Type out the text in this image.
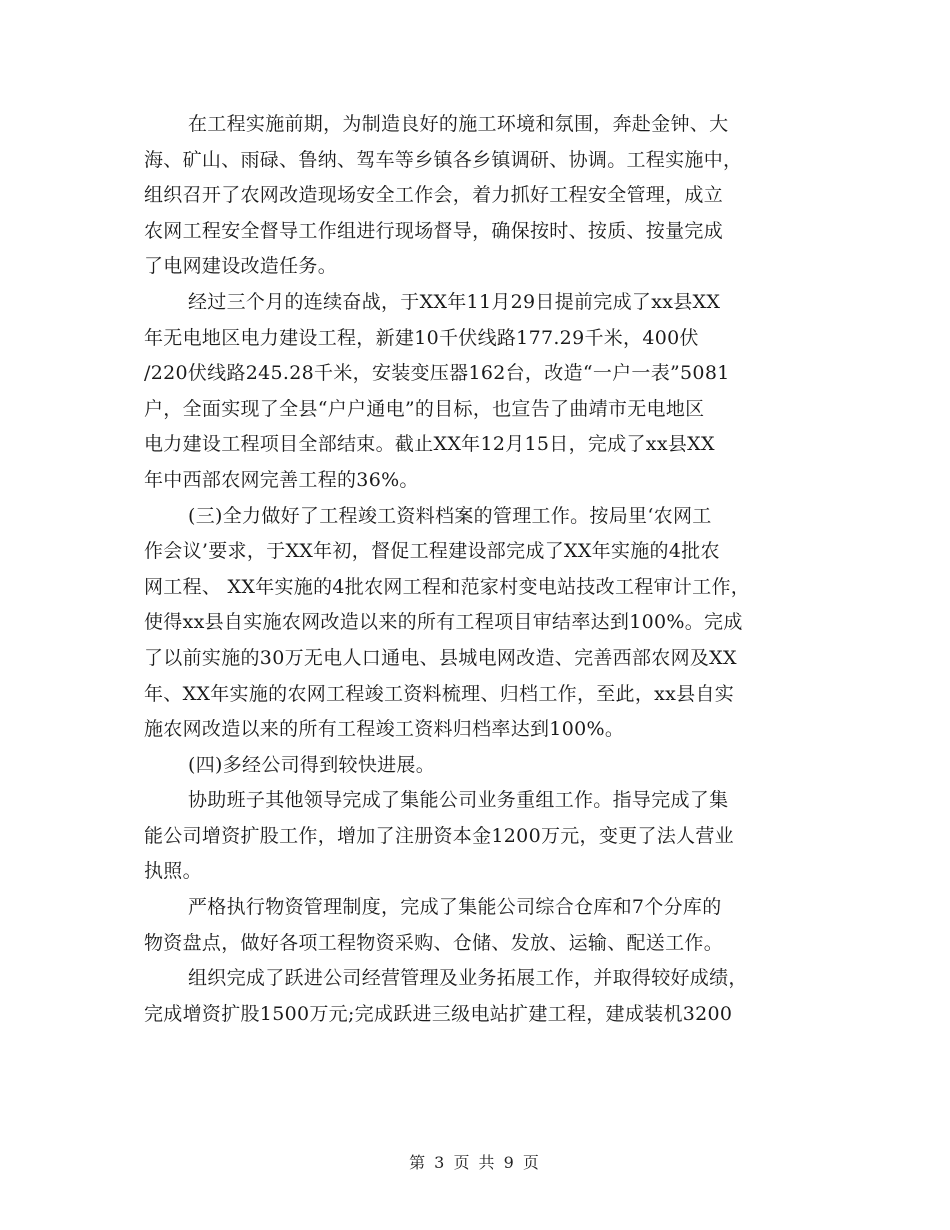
在工程实施前期，为制造良好的施工环境和氛围，奔赴金钟、大
海、矿山、雨碌、鲁纳、驾车等乡镇各乡镇调研、协调。工程实施中，
组织召开了农网改造现场安全工作会，着力抓好工程安全管理，成立
农网工程安全督导工作组进行现场督导，确保按时、按质、按量完成
了电网建设改造任务。
经过三个月的连续奋战，于XX年11月29日提前完成了xx县XX
年无电地区电力建设工程，新建10千伏线路177.29千米，400伏
/220伏线路245.28千米，安装变压器162台，改造“一户一表”5081
户，全面实现了全县“户户通电”的目标，也宣告了曲靖市无电地区
电力建设工程项目全部结束。截止XX年12月15日，完成了xx县XX
年中西部农网完善工程的36%。
(三)全力做好了工程竣工资料档案的管理工作。按局里‘农网工
作会议’要求，于XX年初，督促工程建设部完成了XX年实施的4批农
网工程、 XX年实施的4批农网工程和范家村变电站技改工程审计工作，
使得xx县自实施农网改造以来的所有工程项目审结率达到100%。完成
了以前实施的30万无电人口通电、县城电网改造、完善西部农网及XX
年、XX年实施的农网工程竣工资料梳理、归档工作，至此，xx县自实
施农网改造以来的所有工程竣工资料归档率达到100%。
(四)多经公司得到较快进展。
协助班子其他领导完成了集能公司业务重组工作。指导完成了集
能公司增资扩股工作，增加了注册资本金1200万元，变更了法人营业
执照。
严格执行物资管理制度，完成了集能公司综合仓库和7个分库的
物资盘点，做好各项工程物资采购、仓储、发放、运输、配送工作。
组织完成了跃进公司经营管理及业务拓展工作，并取得较好成绩，
完成增资扩股1500万元;完成跃进三级电站扩建工程，建成装机3200
第 3 页 共 9 页
